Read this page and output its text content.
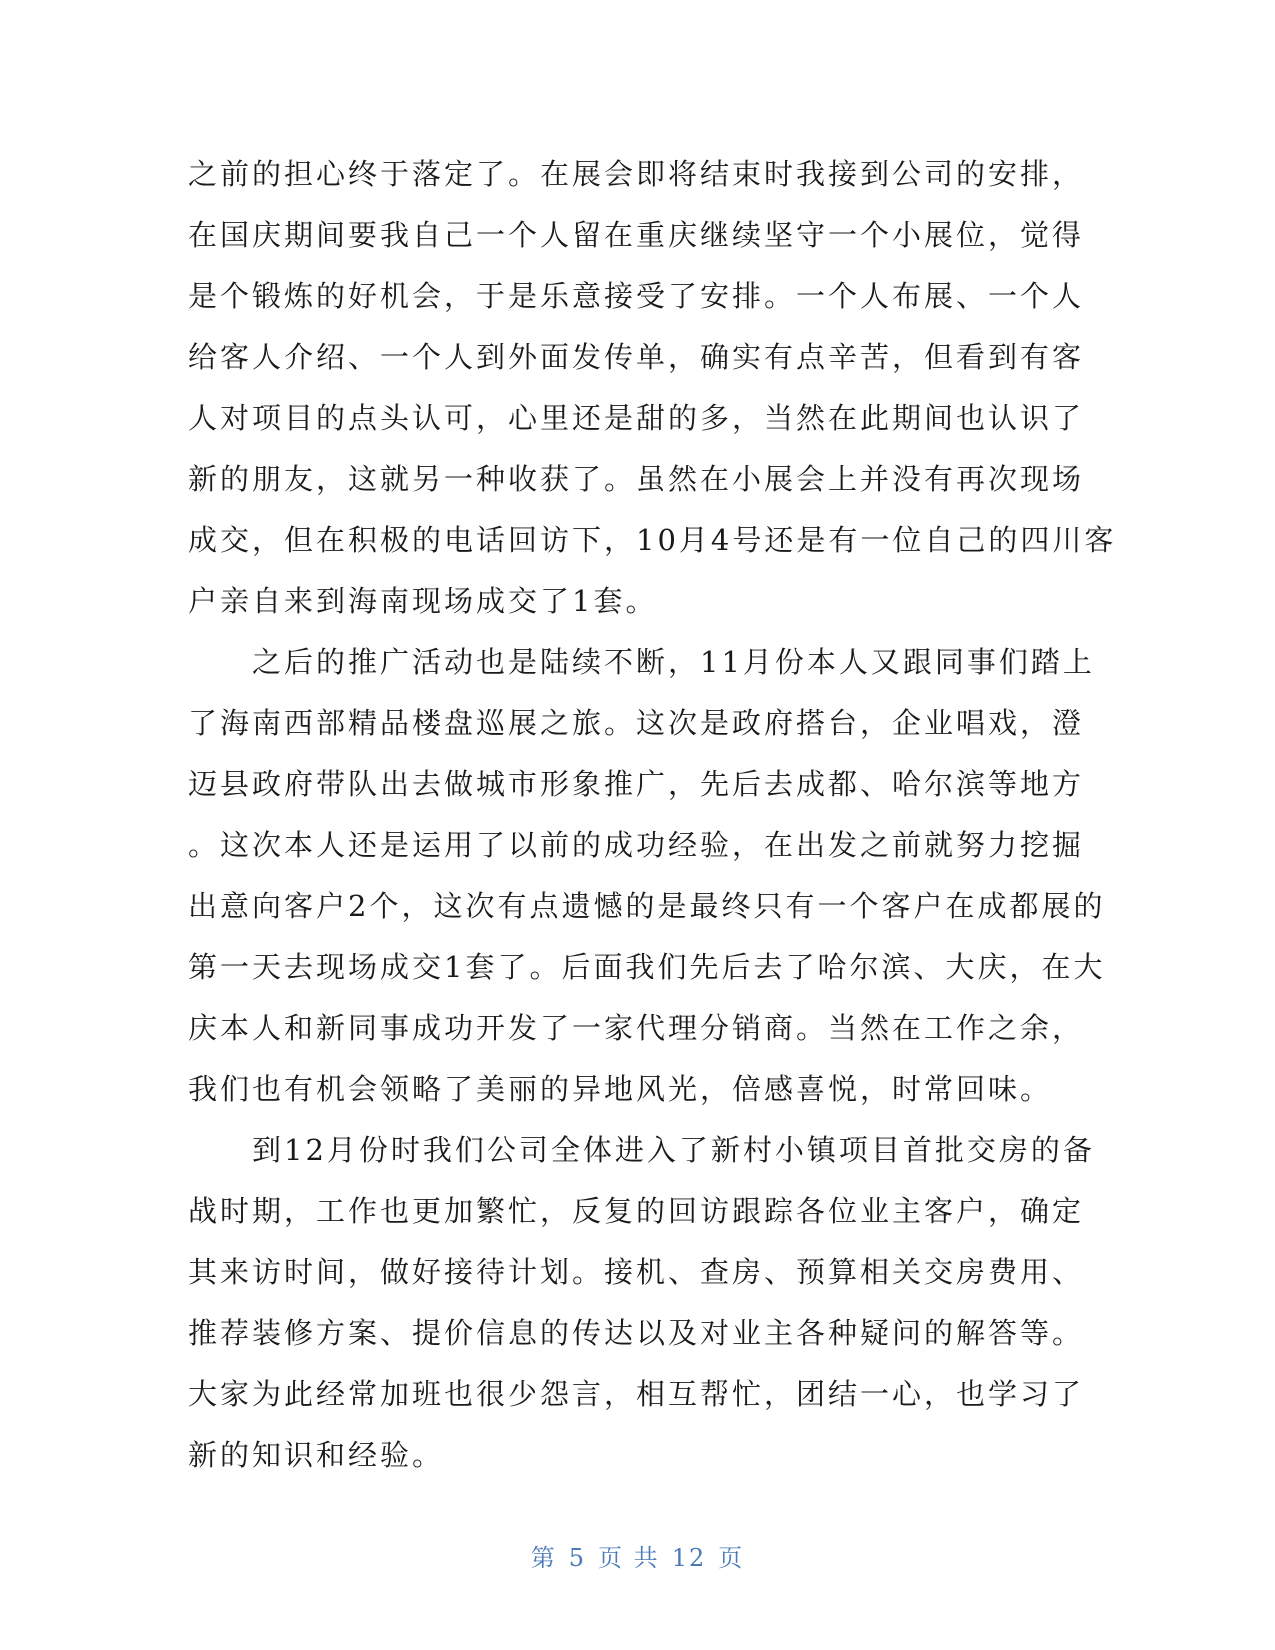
之前的担心终于落定了。在展会即将结束时我接到公司的安排，
在国庆期间要我自己一个人留在重庆继续坚守一个小展位，觉得
是个锻炼的好机会，于是乐意接受了安排。一个人布展、一个人
给客人介绍、一个人到外面发传单，确实有点辛苦，但看到有客
人对项目的点头认可，心里还是甜的多，当然在此期间也认识了
新的朋友，这就另一种收获了。虽然在小展会上并没有再次现场
成交，但在积极的电话回访下，10月4号还是有一位自己的四川客
户亲自来到海南现场成交了1套。
　　之后的推广活动也是陆续不断，11月份本人又跟同事们踏上
了海南西部精品楼盘巡展之旅。这次是政府搭台，企业唱戏，澄
迈县政府带队出去做城市形象推广，先后去成都、哈尔滨等地方
。这次本人还是运用了以前的成功经验，在出发之前就努力挖掘
出意向客户2个，这次有点遗憾的是最终只有一个客户在成都展的
第一天去现场成交1套了。后面我们先后去了哈尔滨、大庆，在大
庆本人和新同事成功开发了一家代理分销商。当然在工作之余，
我们也有机会领略了美丽的异地风光，倍感喜悦，时常回味。
　　到12月份时我们公司全体进入了新村小镇项目首批交房的备
战时期，工作也更加繁忙，反复的回访跟踪各位业主客户，确定
其来访时间，做好接待计划。接机、查房、预算相关交房费用、
推荐装修方案、提价信息的传达以及对业主各种疑问的解答等。
大家为此经常加班也很少怨言，相互帮忙，团结一心，也学习了
新的知识和经验。
第 5 页 共 12 页
